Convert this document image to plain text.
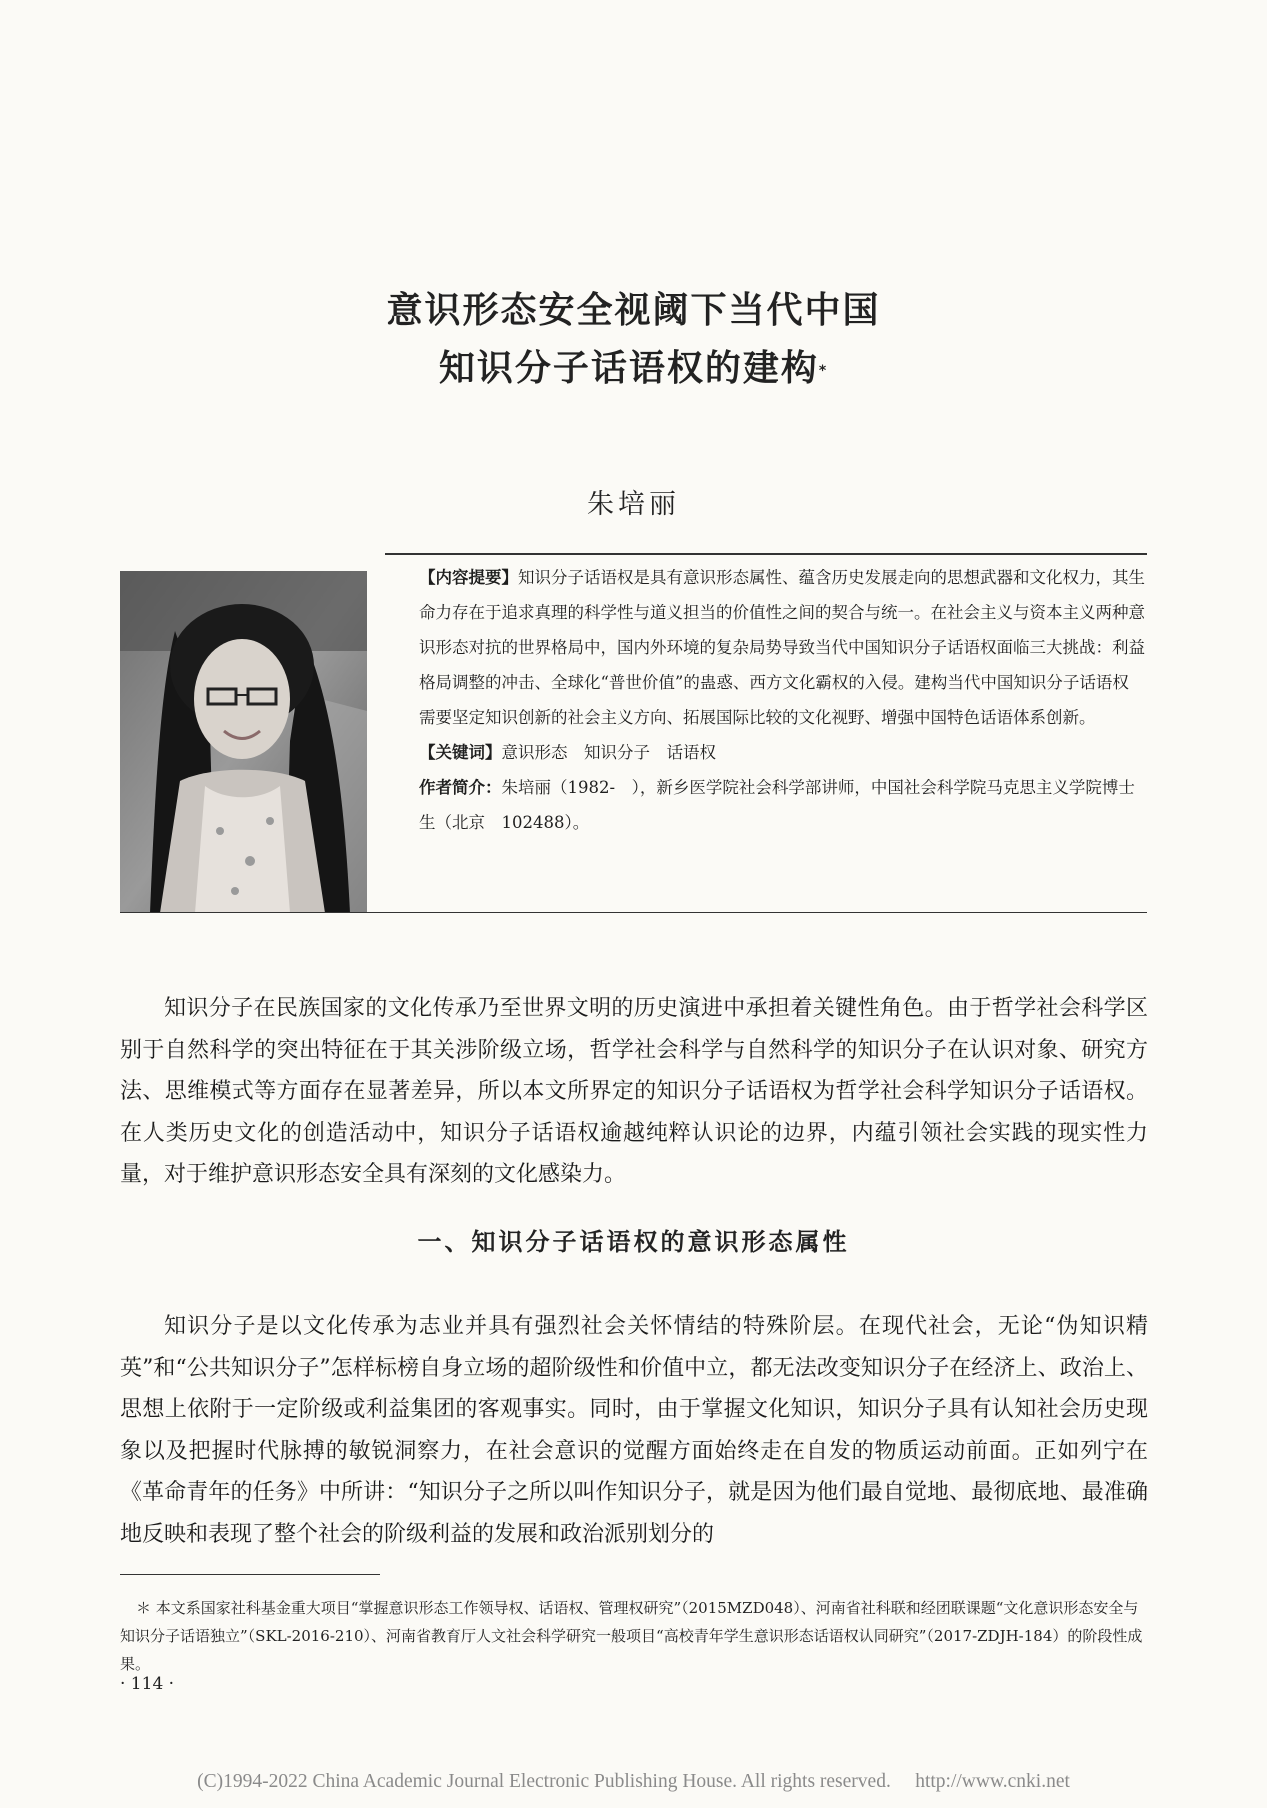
意识形态安全视阈下当代中国
知识分子话语权的建构*
朱培丽

【内容提要】知识分子话语权是具有意识形态属性、蕴含历史发展走向的思想武器和文化权力，其生命力存在于追求真理的科学性与道义担当的价值性之间的契合与统一。在社会主义与资本主义两种意识形态对抗的世界格局中，国内外环境的复杂局势导致当代中国知识分子话语权面临三大挑战：利益格局调整的冲击、全球化“普世价值”的蛊惑、西方文化霸权的入侵。建构当代中国知识分子话语权需要坚定知识创新的社会主义方向、拓展国际比较的文化视野、增强中国特色话语体系创新。

【关键词】意识形态　知识分子　话语权

作者简介：朱培丽（1982-　），新乡医学院社会科学部讲师，中国社会科学院马克思主义学院博士生（北京　102488）。

知识分子在民族国家的文化传承乃至世界文明的历史演进中承担着关键性角色。由于哲学社会科学区别于自然科学的突出特征在于其关涉阶级立场，哲学社会科学与自然科学的知识分子在认识对象、研究方法、思维模式等方面存在显著差异，所以本文所界定的知识分子话语权为哲学社会科学知识分子话语权。在人类历史文化的创造活动中，知识分子话语权逾越纯粹认识论的边界，内蕴引领社会实践的现实性力量，对于维护意识形态安全具有深刻的文化感染力。

一、知识分子话语权的意识形态属性

知识分子是以文化传承为志业并具有强烈社会关怀情结的特殊阶层。在现代社会，无论“伪知识精英”和“公共知识分子”怎样标榜自身立场的超阶级性和价值中立，都无法改变知识分子在经济上、政治上、思想上依附于一定阶级或利益集团的客观事实。同时，由于掌握文化知识，知识分子具有认知社会历史现象以及把握时代脉搏的敏锐洞察力，在社会意识的觉醒方面始终走在自发的物质运动前面。正如列宁在《革命青年的任务》中所讲：“知识分子之所以叫作知识分子，就是因为他们最自觉地、最彻底地、最准确地反映和表现了整个社会的阶级利益的发展和政治派别划分的

＊ 本文系国家社科基金重大项目“掌握意识形态工作领导权、话语权、管理权研究”（2015MZD048）、河南省社科联和经团联课题“文化意识形态安全与知识分子话语独立”（SKL-2016-210）、河南省教育厅人文社会科学研究一般项目“高校青年学生意识形态话语权认同研究”（2017-ZDJH-184）的阶段性成果。

· 114 ·
(C)1994-2022 China Academic Journal Electronic Publishing House. All rights reserved.　 http://www.cnki.net
